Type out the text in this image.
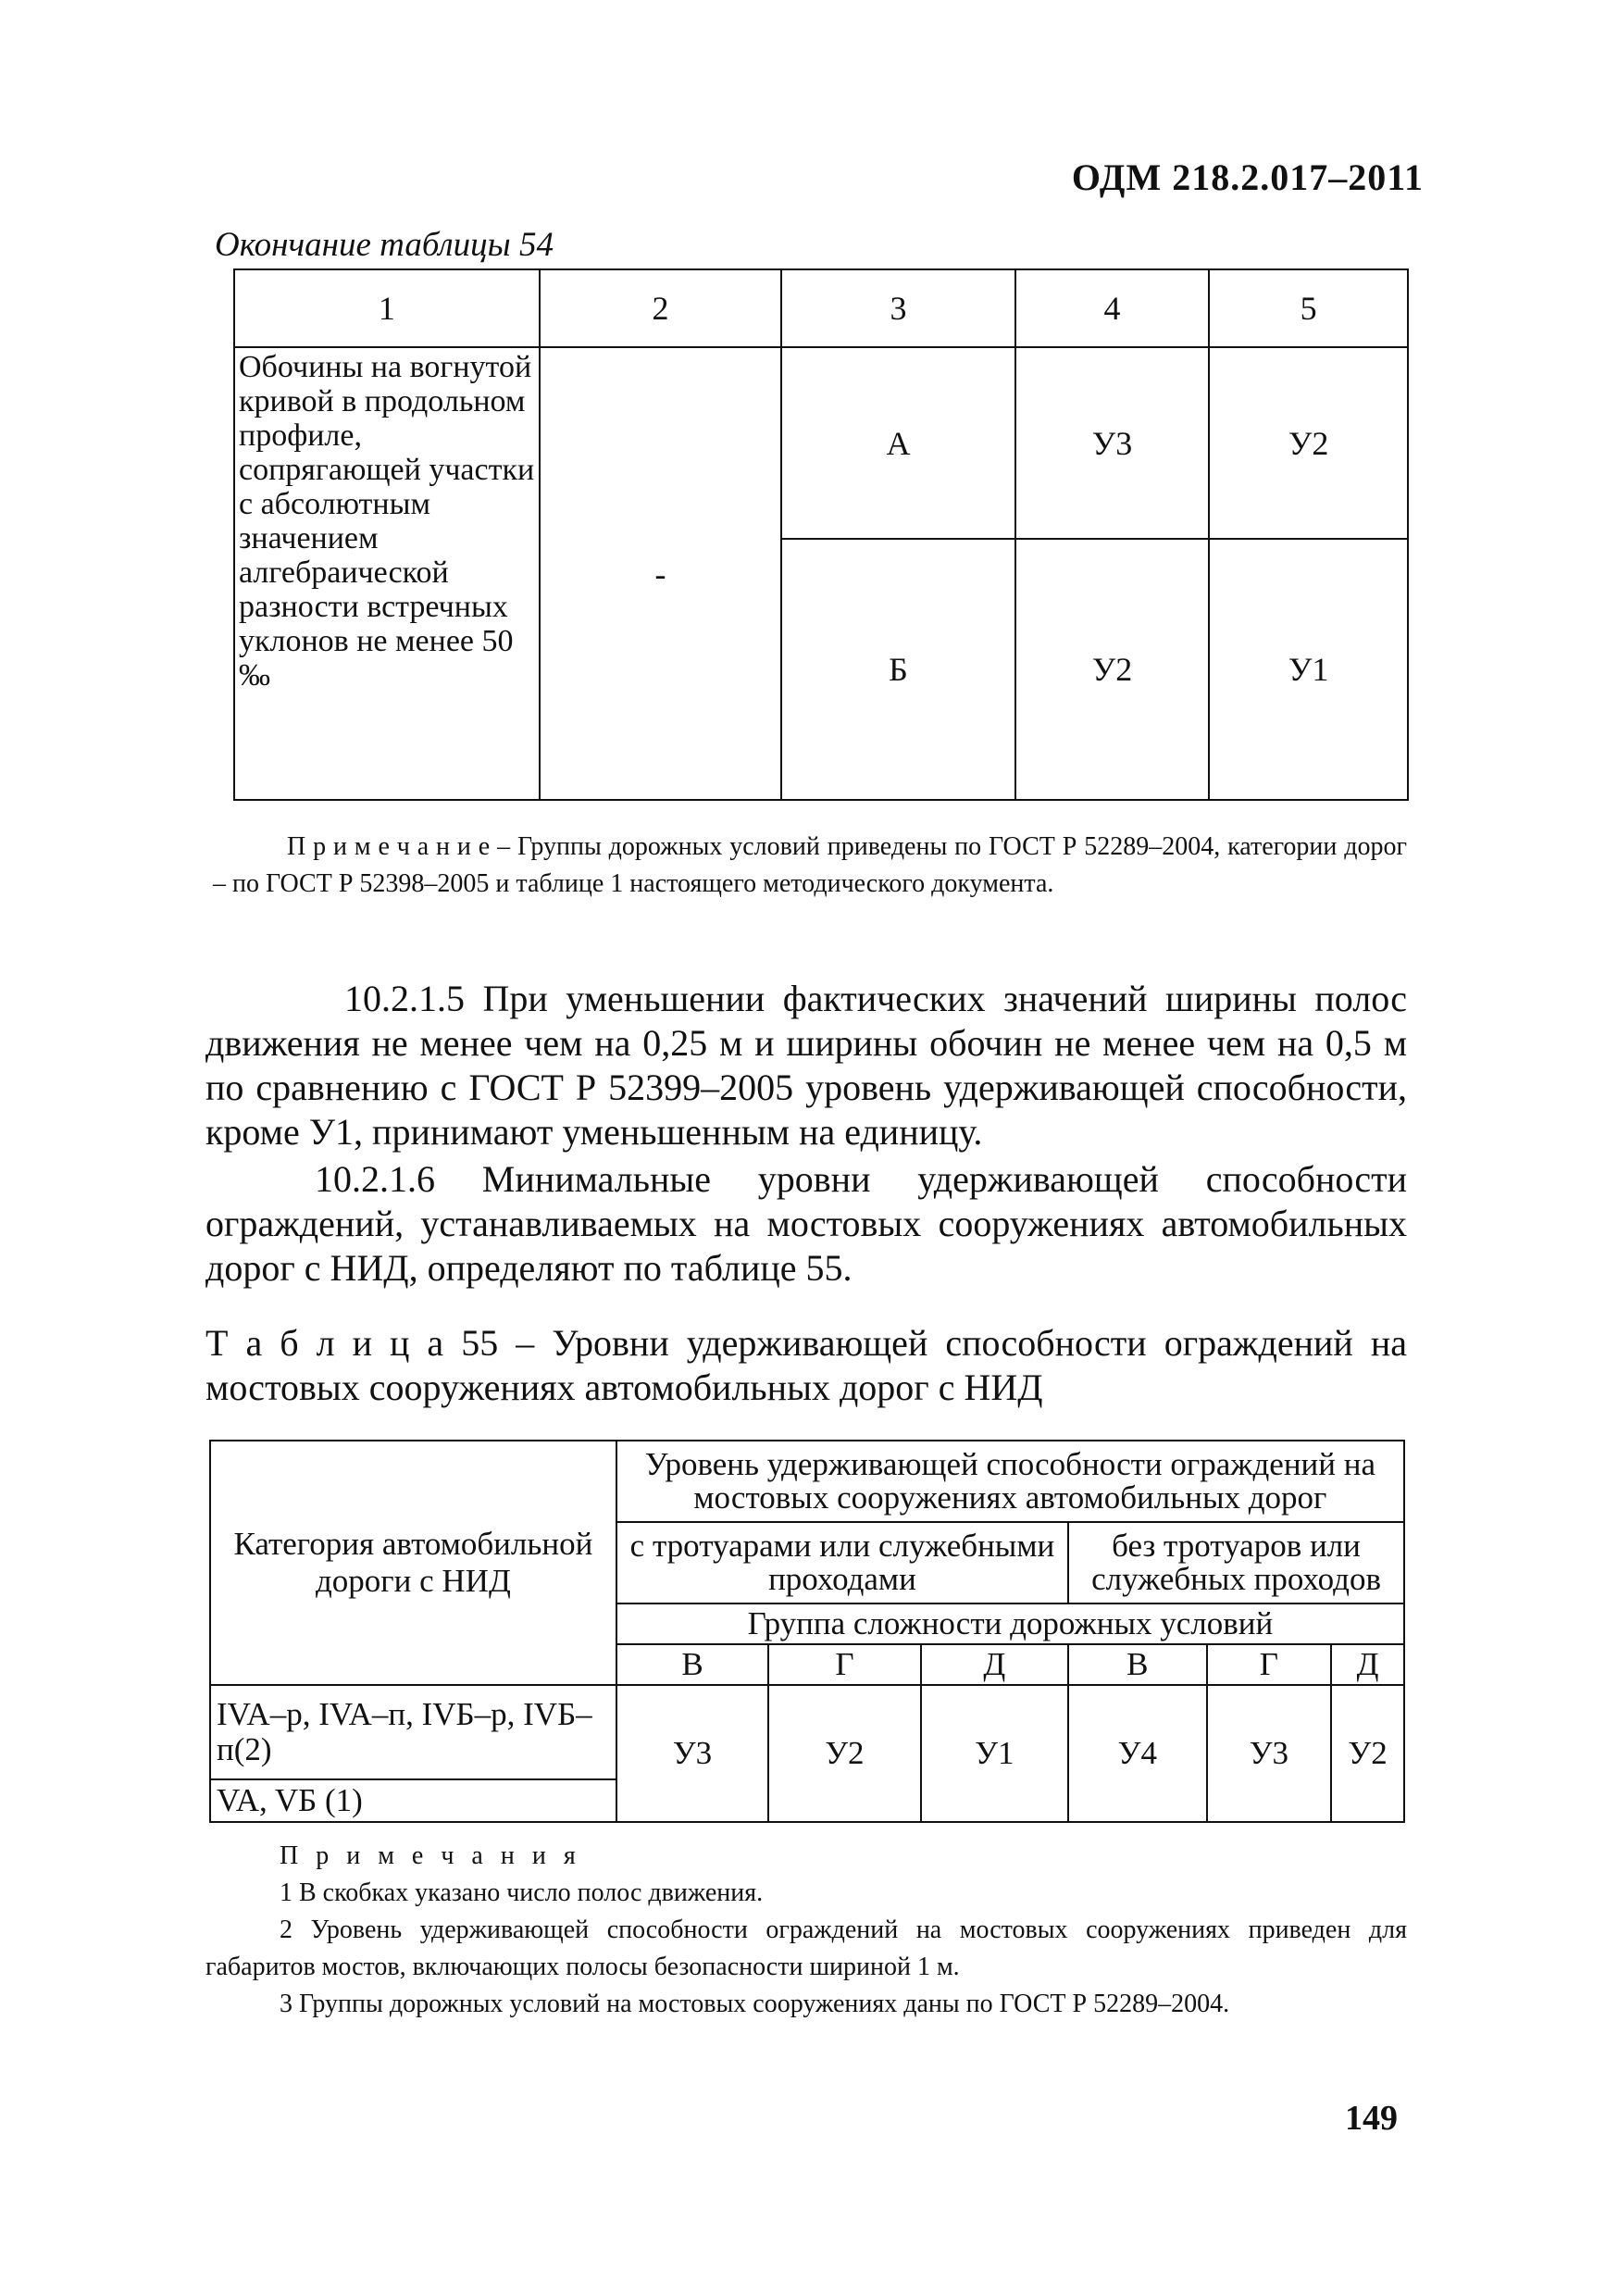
ОДМ 218.2.017–2011
Окончание таблицы 54
1	2	3	4	5
Обочины на вогнутой кривой в продольном профиле, сопрягающей участки с абсолютным значением алгебраической разности встречных уклонов не менее 50 ‰	-	А	У3	У2
		Б	У2	У1
П р и м е ч а н и е – Группы дорожных условий приведены по ГОСТ Р 52289–2004, категории дорог – по ГОСТ Р 52398–2005 и таблице 1 настоящего методического документа.
10.2.1.5 При уменьшении фактических значений ширины полос движения не менее чем на 0,25 м и ширины обочин не менее чем на 0,5 м по сравнению с ГОСТ Р 52399–2005 уровень удерживающей способности, кроме У1, принимают уменьшенным на единицу.
10.2.1.6 Минимальные уровни удерживающей способности ограждений, устанавливаемых на мостовых сооружениях автомобильных дорог с НИД, определяют по таблице 55.
Т а б л и ц а 55 – Уровни удерживающей способности ограждений на мостовых сооружениях автомобильных дорог с НИД
Категория автомобильной дороги с НИД	Уровень удерживающей способности ограждений на мостовых сооружениях автомобильных дорог					
	с тротуарами или служебными проходами			без тротуаров или служебных проходов		
	Группа сложности дорожных условий					
	В	Г	Д	В	Г	Д
IVA–р, IVA–п, IVБ–р, IVБ–п(2)	У3	У2	У1	У4	У3	У2
VA, VБ (1)						
П р и м е ч а н и я
1 В скобках указано число полос движения.
2 Уровень удерживающей способности ограждений на мостовых сооружениях приведен для габаритов мостов, включающих полосы безопасности шириной 1 м.
3 Группы дорожных условий на мостовых сооружениях даны по ГОСТ Р 52289–2004.
149
